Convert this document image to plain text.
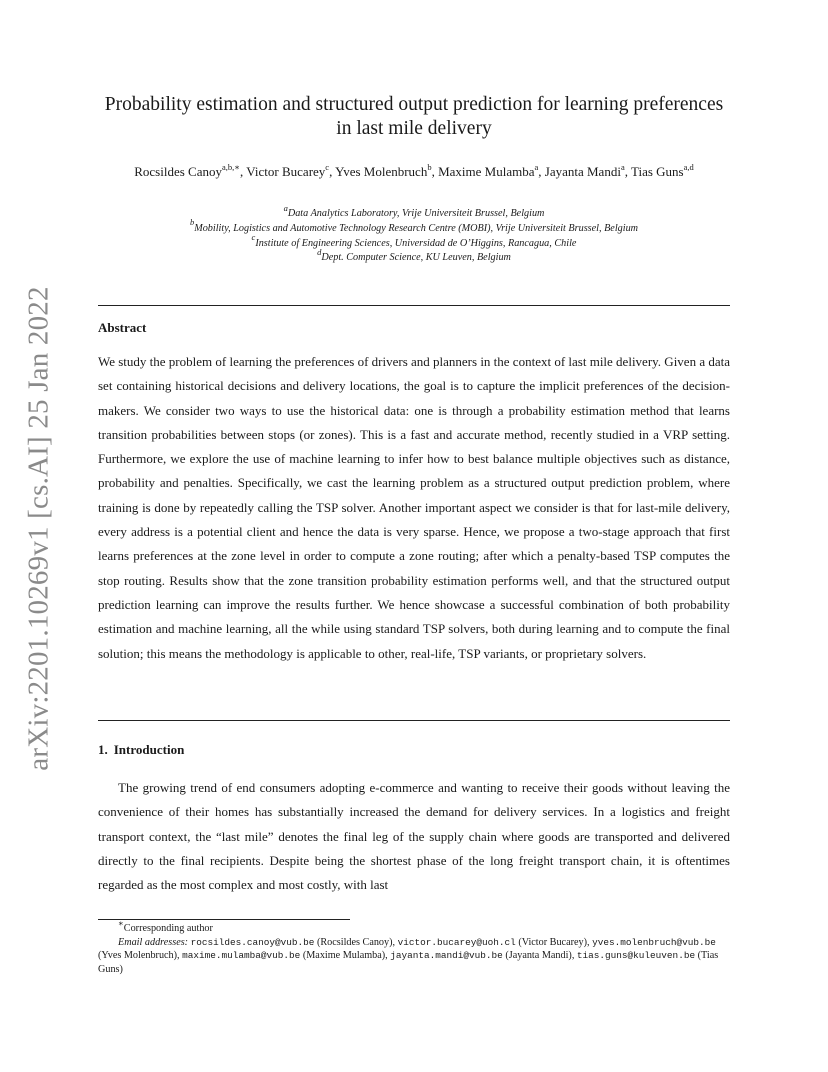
arXiv:2201.10269v1 [cs.AI] 25 Jan 2022
Probability estimation and structured output prediction for learning preferences in last mile delivery
Rocsildes Canoy$^{a,b,∗}$, Victor Bucarey$^c$, Yves Molenbruch$^b$, Maxime Mulamba$^a$, Jayanta Mandi$^a$, Tias Guns$^{a,d}$
$^a$Data Analytics Laboratory, Vrije Universiteit Brussel, Belgium
$^b$Mobility, Logistics and Automotive Technology Research Centre (MOBI), Vrije Universiteit Brussel, Belgium
$^c$Institute of Engineering Sciences, Universidad de O’Higgins, Rancagua, Chile
$^d$Dept. Computer Science, KU Leuven, Belgium
Abstract

We study the problem of learning the preferences of drivers and planners in the context of last mile delivery. Given a data set containing historical decisions and delivery locations, the goal is to capture the implicit preferences of the decision-makers. We consider two ways to use the historical data: one is through a probability estimation method that learns transition probabilities between stops (or zones). This is a fast and accurate method, recently studied in a VRP setting. Furthermore, we explore the use of machine learning to infer how to best balance multiple objectives such as distance, probability and penalties. Specifically, we cast the learning problem as a structured output prediction problem, where training is done by repeatedly calling the TSP solver. Another important aspect we consider is that for last-mile delivery, every address is a potential client and hence the data is very sparse. Hence, we propose a two-stage approach that first learns preferences at the zone level in order to compute a zone routing; after which a penalty-based TSP computes the stop routing. Results show that the zone transition probability estimation performs well, and that the structured output prediction learning can improve the results further. We hence showcase a successful combination of both probability estimation and machine learning, all the while using standard TSP solvers, both during learning and to compute the final solution; this means the methodology is applicable to other, real-life, TSP variants, or proprietary solvers.

1. Introduction

The growing trend of end consumers adopting e-commerce and wanting to receive their goods without leaving the convenience of their homes has substantially increased the demand for delivery services. In a logistics and freight transport context, the “last mile” denotes the final leg of the supply chain where goods are transported and delivered directly to the final recipients. Despite being the shortest phase of the long freight transport chain, it is oftentimes regarded as the most complex and most costly, with last

∗Corresponding author
Email addresses: rocsildes.canoy@vub.be (Rocsildes Canoy), victor.bucarey@uoh.cl (Victor Bucarey), yves.molenbruch@vub.be (Yves Molenbruch), maxime.mulamba@vub.be (Maxime Mulamba), jayanta.mandi@vub.be (Jayanta Mandi), tias.guns@kuleuven.be (Tias Guns)
